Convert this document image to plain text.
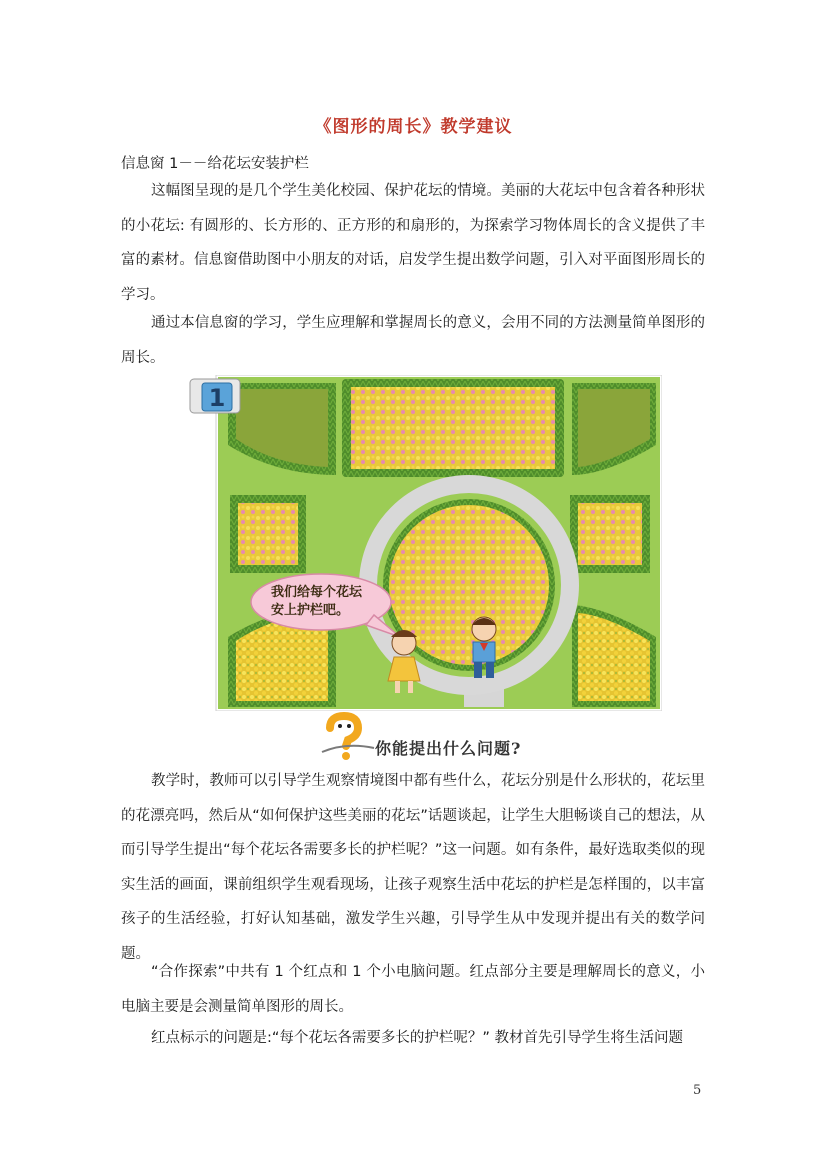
《图形的周长》教学建议
信息窗 1－－给花坛安装护栏
这幅图呈现的是几个学生美化校园、保护花坛的情境。美丽的大花坛中包含着各种形状的小花坛: 有圆形的、长方形的、正方形的和扇形的，为探索学习物体周长的含义提供了丰富的素材。信息窗借助图中小朋友的对话，启发学生提出数学问题，引入对平面图形周长的学习。
通过本信息窗的学习，学生应理解和掌握周长的意义，会用不同的方法测量简单图形的周长。
1
我们给每个花坛
安上护栏吧。
你能提出什么问题?
教学时，教师可以引导学生观察情境图中都有些什么，花坛分别是什么形状的，花坛里的花漂亮吗，然后从“如何保护这些美丽的花坛”话题谈起，让学生大胆畅谈自己的想法，从而引导学生提出“每个花坛各需要多长的护栏呢？”这一问题。如有条件，最好选取类似的现实生活的画面，课前组织学生观看现场，让孩子观察生活中花坛的护栏是怎样围的，以丰富孩子的生活经验，打好认知基础，激发学生兴趣，引导学生从中发现并提出有关的数学问题。
“合作探索”中共有 1 个红点和 1 个小电脑问题。红点部分主要是理解周长的意义，小电脑主要是会测量简单图形的周长。
红点标示的问题是:“每个花坛各需要多长的护栏呢？” 教材首先引导学生将生活问题
5
